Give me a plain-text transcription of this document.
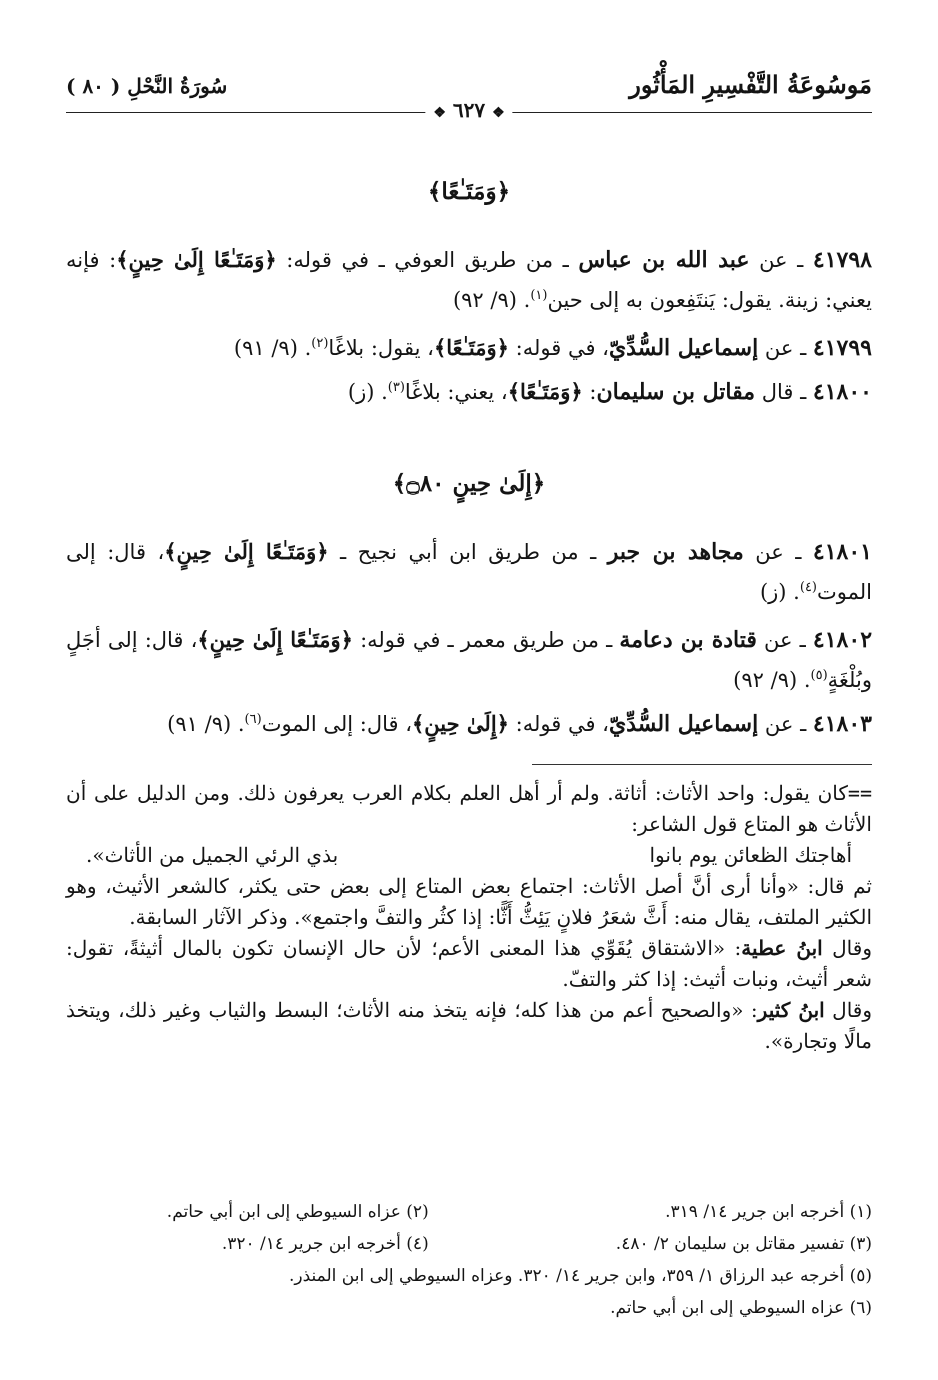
مَوسُوعَةُ التَّفْسِيرِ المَأْثُور
سُورَةُ النَّحْلِ ( ٨٠ )
❖ ٦٢٧ ❖
﴿وَمَتَـٰعًا﴾
٤١٧٩٨ ـ عن عبد الله بن عباس ـ من طريق العوفي ـ في قوله: ﴿وَمَتَـٰعًا إِلَىٰ حِينٍ﴾: فإنه يعني: زينة. يقول: يَنتَفِعون به إلى حين$^{(١)}$. (٩/ ٩٢)
٤١٧٩٩ ـ عن إسماعيل السُّدِّيّ، في قوله: ﴿وَمَتَـٰعًا﴾، يقول: بلاغًا$^{(٢)}$. (٩/ ٩١)
٤١٨٠٠ ـ قال مقاتل بن سليمان: ﴿وَمَتَـٰعًا﴾، يعني: بلاغًا$^{(٣)}$. (ز)
﴿إِلَىٰ حِينٍ ۝٨٠﴾
٤١٨٠١ ـ عن مجاهد بن جبر ـ من طريق ابن أبي نجيح ـ ﴿وَمَتَـٰعًا إِلَىٰ حِينٍ﴾، قال: إلى الموت$^{(٤)}$. (ز)
٤١٨٠٢ ـ عن قتادة بن دعامة ـ من طريق معمر ـ في قوله: ﴿وَمَتَـٰعًا إِلَىٰ حِينٍ﴾، قال: إلى أجَلٍ وبُلْغَةٍ$^{(٥)}$. (٩/ ٩٢)
٤١٨٠٣ ـ عن إسماعيل السُّدِّيّ، في قوله: ﴿إِلَىٰ حِينٍ﴾، قال: إلى الموت$^{(٦)}$. (٩/ ٩١)

==كان يقول: واحد الأثاث: أثاثة. ولم أر أهل العلم بكلام العرب يعرفون ذلك. ومن الدليل على أن الأثاث هو المتاع قول الشاعر:

أهاجتك الظعائن يوم بانوا
بذي الرئي الجميل من الأثاث».

ثم قال: «وأنا أرى أنَّ أصل الأثاث: اجتماع بعض المتاع إلى بعض حتى يكثر، كالشعر الأثيث، وهو الكثير الملتف، يقال منه: أَثَّ شعَرُ فلانٍ يَئِثُّ أَثًّا: إذا كثُر والتفَّ واجتمع». وذكر الآثار السابقة.

وقال ابنُ عطية: «الاشتقاق يُقَوِّي هذا المعنى الأعم؛ لأن حال الإنسان تكون بالمال أثيثةً، تقول: شعر أثيث، ونبات أثيث: إذا كثر والتفّ.

وقال ابنُ كثير: «والصحيح أعم من هذا كله؛ فإنه يتخذ منه الأثاث؛ البسط والثياب وغير ذلك، ويتخذ مالًا وتجارة».

(١) أخرجه ابن جرير ١٤/ ٣١٩.
(٢) عزاه السيوطي إلى ابن أبي حاتم.
(٣) تفسير مقاتل بن سليمان ٢/ ٤٨٠.
(٤) أخرجه ابن جرير ١٤/ ٣٢٠.
(٥) أخرجه عبد الرزاق ١/ ٣٥٩، وابن جرير ١٤/ ٣٢٠. وعزاه السيوطي إلى ابن المنذر.
(٦) عزاه السيوطي إلى ابن أبي حاتم.
